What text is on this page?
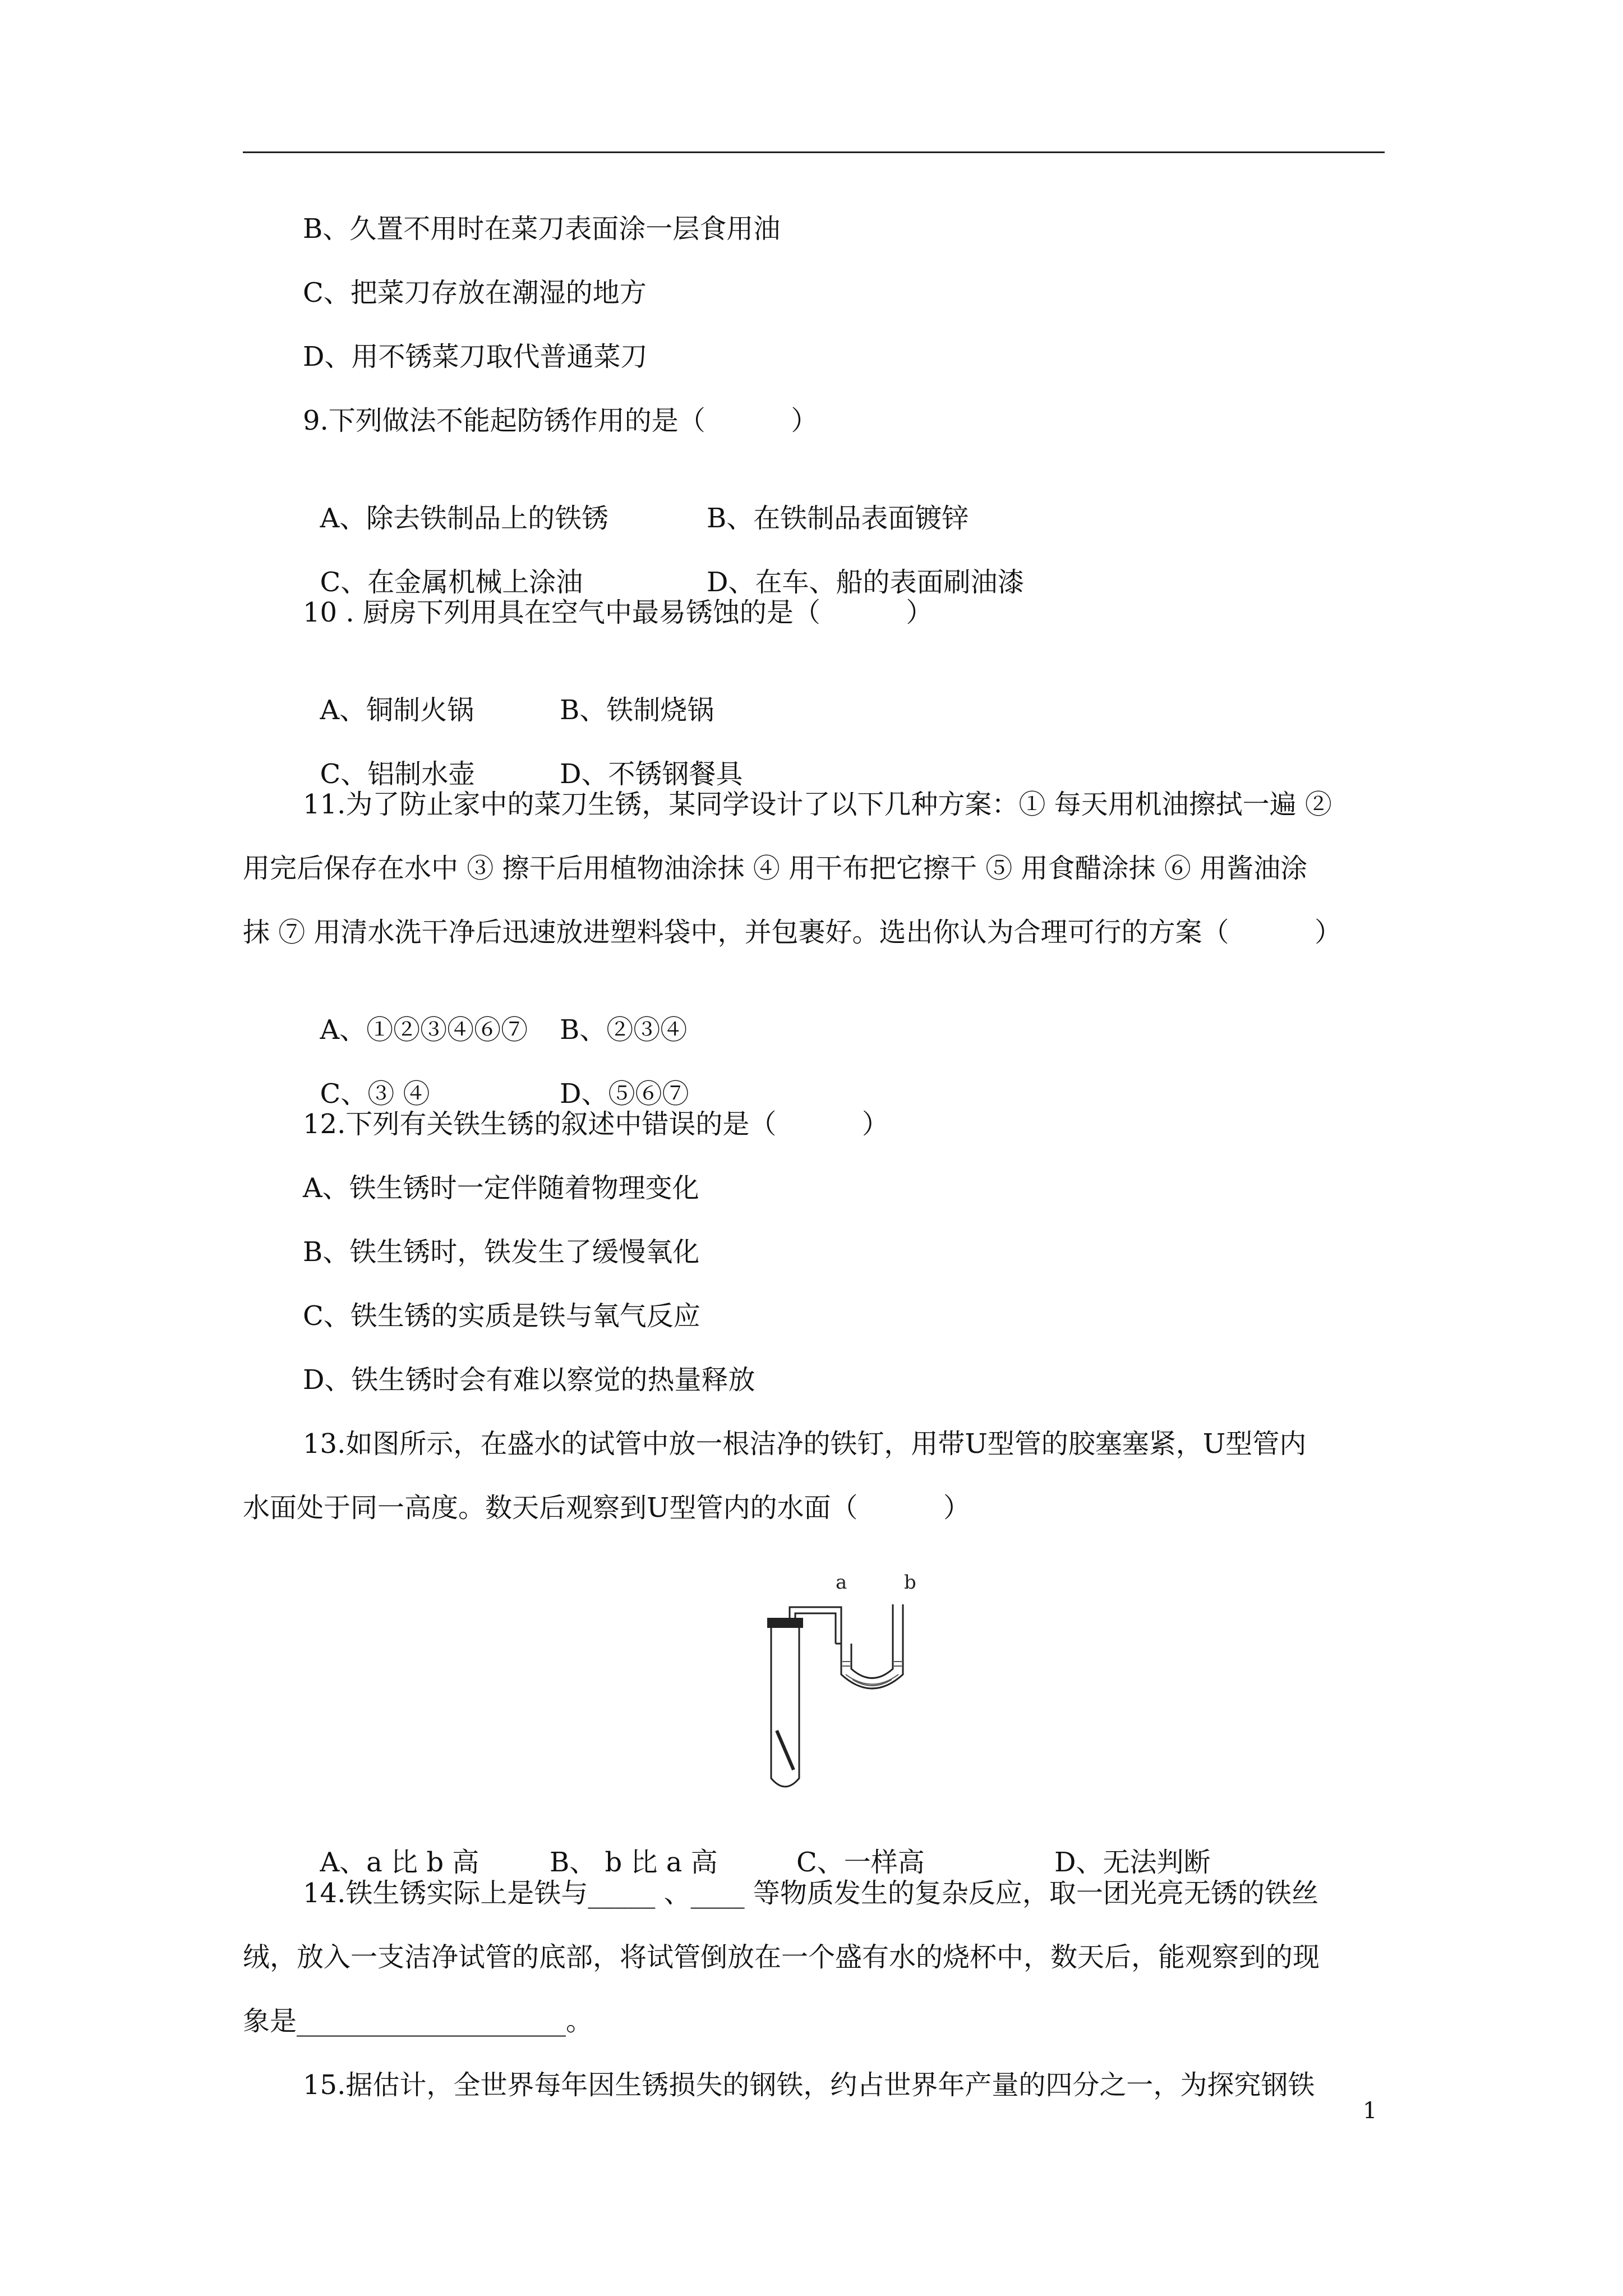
B、久置不用时在菜刀表面涂一层食用油

C、把菜刀存放在潮湿的地方

D、用不锈菜刀取代普通菜刀

9.下列做法不能起防锈作用的是（          ）

A、除去铁制品上的铁锈	B、在铁制品表面镀锌

C、在金属机械上涂油	D、在车、船的表面刷油漆

10 . 厨房下列用具在空气中最易锈蚀的是（          ）

A、铜制火锅	B、铁制烧锅

C、铝制水壶	D、不锈钢餐具

11.为了防止家中的菜刀生锈，某同学设计了以下几种方案：① 每天用机油擦拭一遍 ②

用完后保存在水中 ③ 擦干后用植物油涂抹 ④ 用干布把它擦干 ⑤ 用食醋涂抹 ⑥ 用酱油涂

抹 ⑦ 用清水洗干净后迅速放进塑料袋中，并包裹好。选出你认为合理可行的方案（          ）

A、①②③④⑥⑦ B、②③④

C、③ ④	D、⑤⑥⑦

12.下列有关铁生锈的叙述中错误的是（          ）

A、铁生锈时一定伴随着物理变化

B、铁生锈时，铁发生了缓慢氧化

C、铁生锈的实质是铁与氧气反应

D、铁生锈时会有难以察觉的热量释放

13.如图所示，在盛水的试管中放一根洁净的铁钉，用带U型管的胶塞塞紧，U型管内

水面处于同一高度。数天后观察到U型管内的水面（          ）

a	b

A、a 比 b 高	B、 b 比 a 高	C、一样高	D、无法判断

14.铁生锈实际上是铁与_____ 、____ 等物质发生的复杂反应，取一团光亮无锈的铁丝

绒，放入一支洁净试管的底部，将试管倒放在一个盛有水的烧杯中，数天后，能观察到的现

象是____________________。

15.据估计，全世界每年因生锈损失的钢铁，约占世界年产量的四分之一，为探究钢铁

1
